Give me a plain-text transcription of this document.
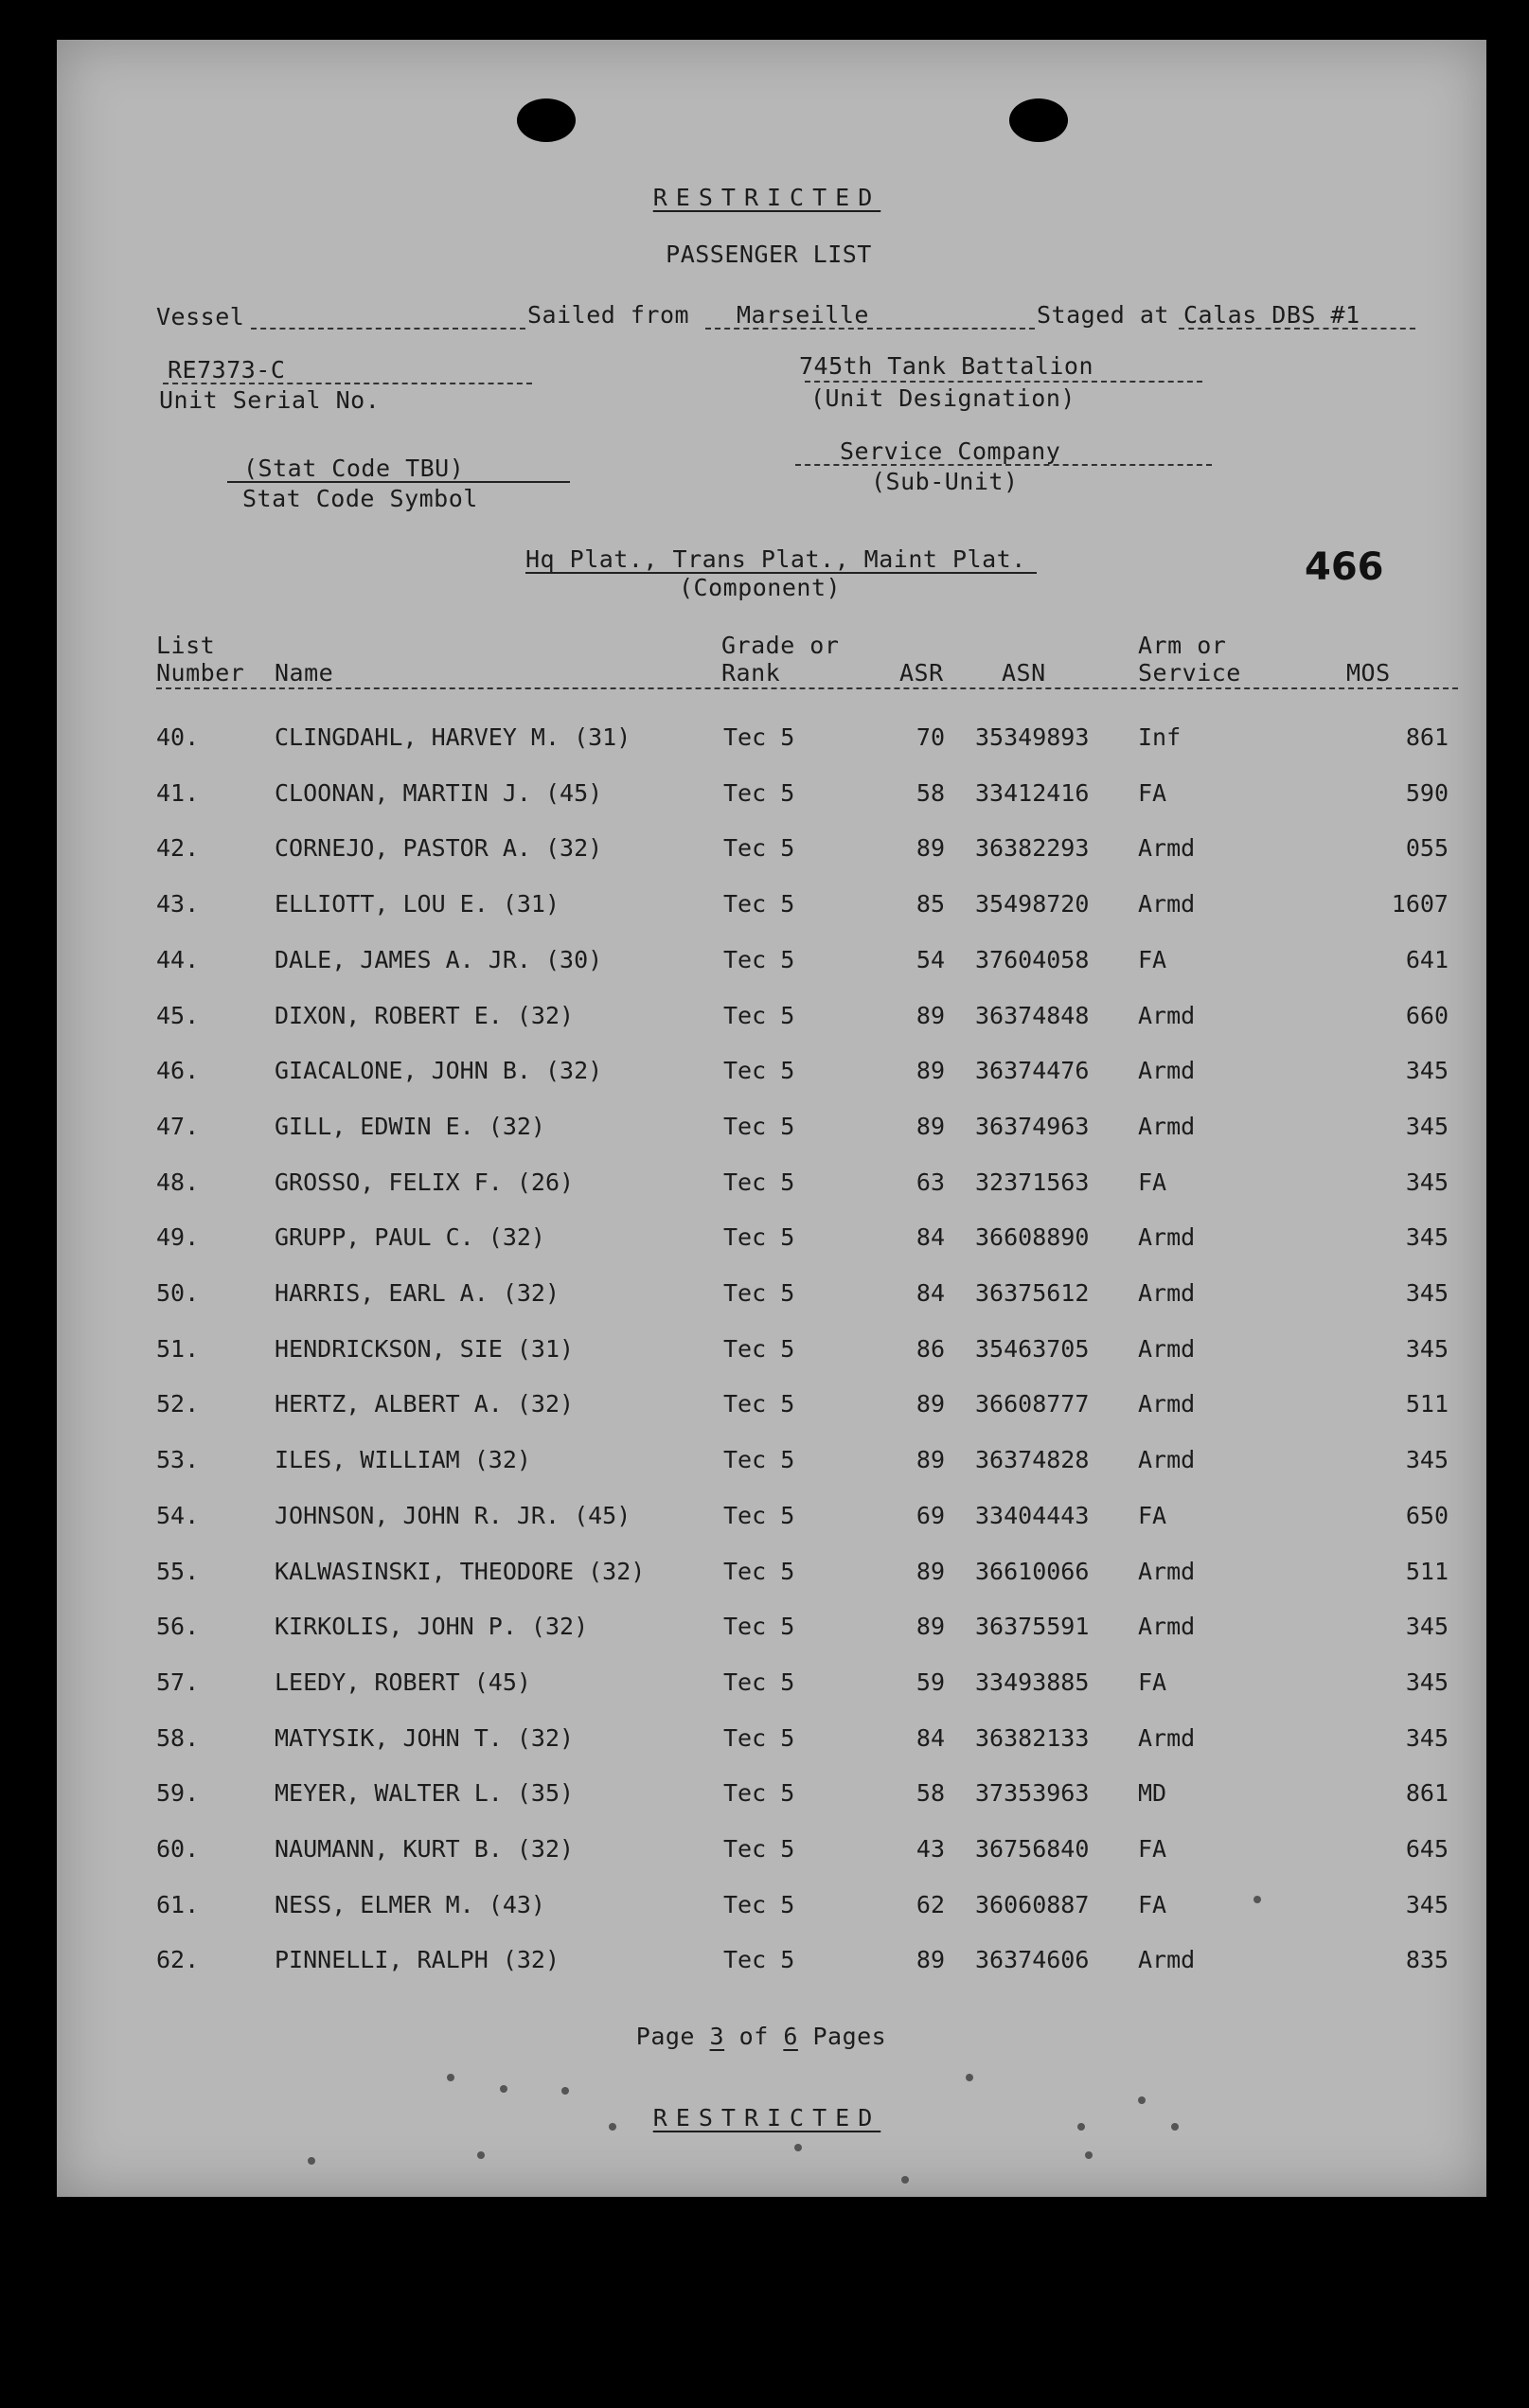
RESTRICTED
PASSENGER LIST
Vessel	Sailed from Marseille	Staged at Calas DBS #1
RE7373-C
Unit Serial No.
745th Tank Battalion
(Unit Designation)
(Stat Code TBU)
Stat Code Symbol
Service Company
(Sub-Unit)
Hq Plat., Trans Plat., Maint Plat.
(Component)	466
List
Number Name
Grade or
Rank	ASR ASN
Arm or
Service	MOS
40.	CLINGDAHL, HARVEY M. (31)	Tec 5	70 35349893 Inf	861
41.	CLOONAN, MARTIN J. (45)	Tec 5	58 33412416 FA	590
42.	CORNEJO, PASTOR A. (32)	Tec 5	89 36382293 Armd	055
43.	ELLIOTT, LOU E. (31)	Tec 5	85 35498720 Armd	1607
44.	DALE, JAMES A. JR. (30)	Tec 5	54 37604058 FA	641
45.	DIXON, ROBERT E. (32)	Tec 5	89 36374848 Armd	660
46.	GIACALONE, JOHN B. (32)	Tec 5	89 36374476 Armd	345
47.	GILL, EDWIN E. (32)	Tec 5	89 36374963 Armd	345
48.	GROSSO, FELIX F. (26)	Tec 5	63 32371563 FA	345
49.	GRUPP, PAUL C. (32)	Tec 5	84 36608890 Armd	345
50.	HARRIS, EARL A. (32)	Tec 5	84 36375612 Armd	345
51.	HENDRICKSON, SIE (31)	Tec 5	86 35463705 Armd	345
52.	HERTZ, ALBERT A. (32)	Tec 5	89 36608777 Armd	511
53.	ILES, WILLIAM (32)	Tec 5	89 36374828 Armd	345
54.	JOHNSON, JOHN R. JR. (45)	Tec 5	69 33404443 FA	650
55.	KALWASINSKI, THEODORE (32)	Tec 5	89 36610066 Armd	511
56.	KIRKOLIS, JOHN P. (32)	Tec 5	89 36375591 Armd	345
57.	LEEDY, ROBERT (45)	Tec 5	59 33493885 FA	345
58.	MATYSIK, JOHN T. (32)	Tec 5	84 36382133 Armd	345
59.	MEYER, WALTER L. (35)	Tec 5	58 37353963 MD	861
60.	NAUMANN, KURT B. (32)	Tec 5	43 36756840 FA	645
61.	NESS, ELMER M. (43)	Tec 5	62 36060887 FA	345
62.	PINNELLI, RALPH (32)	Tec 5	89 36374606 Armd	835
Page 3 of 6 Pages
RESTRICTED
